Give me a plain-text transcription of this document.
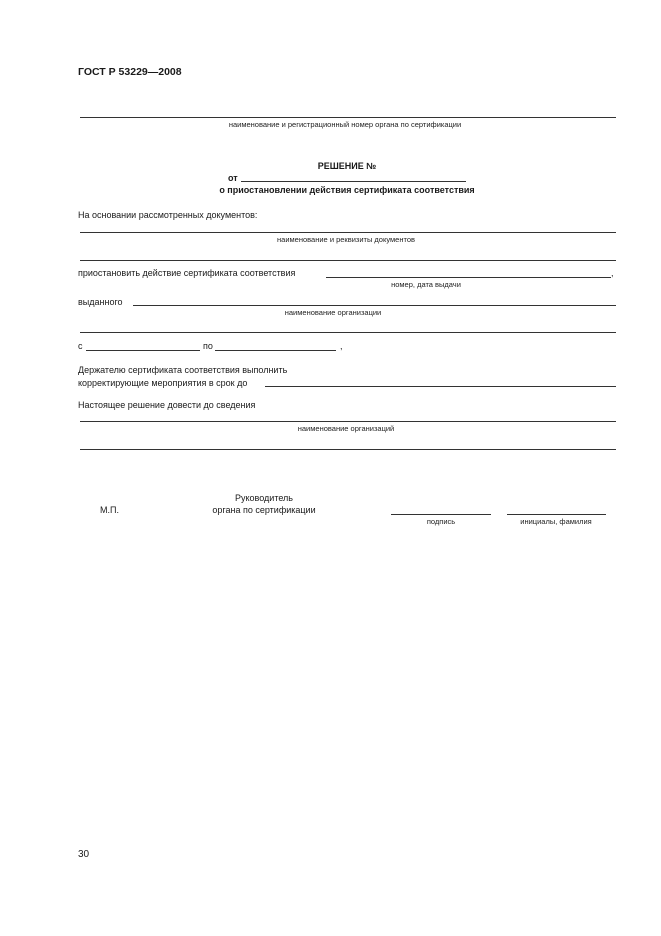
ГОСТ Р 53229—2008
наименование и регистрационный номер органа по сертификации
РЕШЕНИЕ №
от
о приостановлении действия сертификата соответствия
На основании рассмотренных документов:
наименование и реквизиты документов
приостановить действие сертификата соответствия	,
номер, дата выдачи
выданного
наименование организации
с	по	,
Держателю сертификата соответствия выполнить
корректирующие мероприятия в срок до
Настоящее решение довести до сведения
наименование организаций
М.П.
Руководитель
органа по сертификации
подпись	инициалы, фамилия
30
